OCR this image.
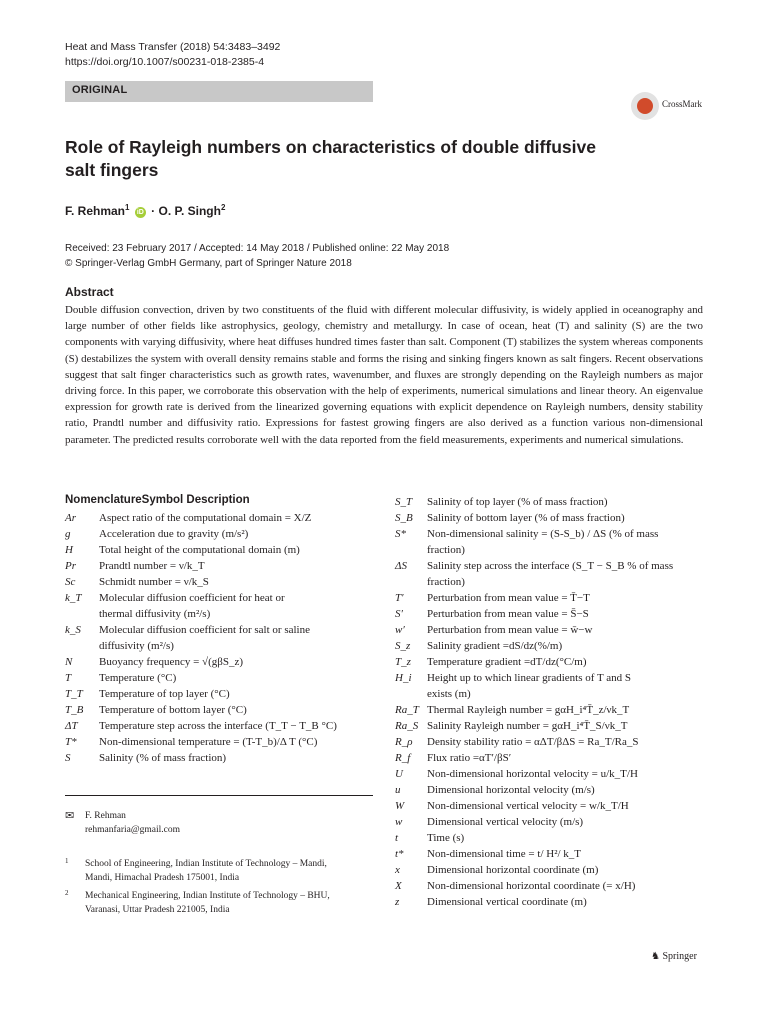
Heat and Mass Transfer (2018) 54:3483–3492
https://doi.org/10.1007/s00231-018-2385-4
ORIGINAL
CrossMark
Role of Rayleigh numbers on characteristics of double diffusive salt fingers
F. Rehman$^1$ iD · O. P. Singh$^2$
Received: 23 February 2017 / Accepted: 14 May 2018 / Published online: 22 May 2018
© Springer-Verlag GmbH Germany, part of Springer Nature 2018
Abstract
Double diffusion convection, driven by two constituents of the fluid with different molecular diffusivity, is widely applied in oceanography and large number of other fields like astrophysics, geology, chemistry and metallurgy. In case of ocean, heat (T) and salinity (S) are the two components with varying diffusivity, where heat diffuses hundred times faster than salt. Component (T) stabilizes the system whereas components (S) destabilizes the system with overall density remains stable and forms the rising and sinking fingers known as salt fingers. Recent observations suggest that salt finger characteristics such as growth rates, wavenumber, and fluxes are strongly depending on the Rayleigh numbers as major driving force. In this paper, we corroborate this observation with the help of experiments, numerical simulations and linear theory. An eigenvalue expression for growth rate is derived from the linearized governing equations with explicit dependence on Rayleigh numbers, density stability ratio, Prandtl number and diffusivity ratio. Expressions for fastest growing fingers are also derived as a function various non-dimensional parameter. The predicted results corroborate well with the data reported from the field measurements, experiments and numerical simulations.
NomenclatureSymbol Description
Ar	Aspect ratio of the computational domain = X/Z
g	Acceleration due to gravity (m/s²)
H	Total height of the computational domain (m)
Pr	Prandtl number = ν/k_T
Sc	Schmidt number = ν/k_S
k_T	Molecular diffusion coefficient for heat or
thermal diffusivity (m²/s)
k_S	Molecular diffusion coefficient for salt or saline
diffusivity (m²/s)
N	Buoyancy frequency = √(gβS_z)
T	Temperature (°C)
T_T	Temperature of top layer (°C)
T_B	Temperature of bottom layer (°C)
ΔT	Temperature step across the interface (T_T − T_B °C)
T*	Non-dimensional temperature = (T-T_b)/Δ T (°C)
S	Salinity (% of mass fraction)
S_T	Salinity of top layer (% of mass fraction)
S_B	Salinity of bottom layer (% of mass fraction)
S*	Non-dimensional salinity = (S-S_b) / ΔS (% of mass
fraction)
ΔS	Salinity step across the interface (S_T − S_B % of mass
fraction)
T′	Perturbation from mean value = T̄−T
S′	Perturbation from mean value = S̄−S
w′	Perturbation from mean value = w̄−w
S_z	Salinity gradient =dS/dz(%/m)
T_z	Temperature gradient =dT/dz(°C/m)
H_i	Height up to which linear gradients of T and S
exists (m)
Ra_T Thermal Rayleigh number = gαH_i⁴T̄_z/νk_T
Ra_S Salinity Rayleigh number = gαH_i⁴T̄_S/νk_T
R_ρ	Density stability ratio = αΔT/βΔS = Ra_T/Ra_S
R_f	Flux ratio =αT′/βS′
U	Non-dimensional horizontal velocity = u/k_T/H
u	Dimensional horizontal velocity (m/s)
W	Non-dimensional vertical velocity = w/k_T/H
w	Dimensional vertical velocity (m/s)
t	Time (s)
t*	Non-dimensional time = t/ H²/ k_T
x	Dimensional horizontal coordinate (m)
X	Non-dimensional horizontal coordinate (= x/H)
z	Dimensional vertical coordinate (m)
✉ F. Rehman
rehmanfaria@gmail.com
1 School of Engineering, Indian Institute of Technology – Mandi,
Mandi, Himachal Pradesh 175001, India
2 Mechanical Engineering, Indian Institute of Technology – BHU,
Varanasi, Uttar Pradesh 221005, India
♞ Springer
